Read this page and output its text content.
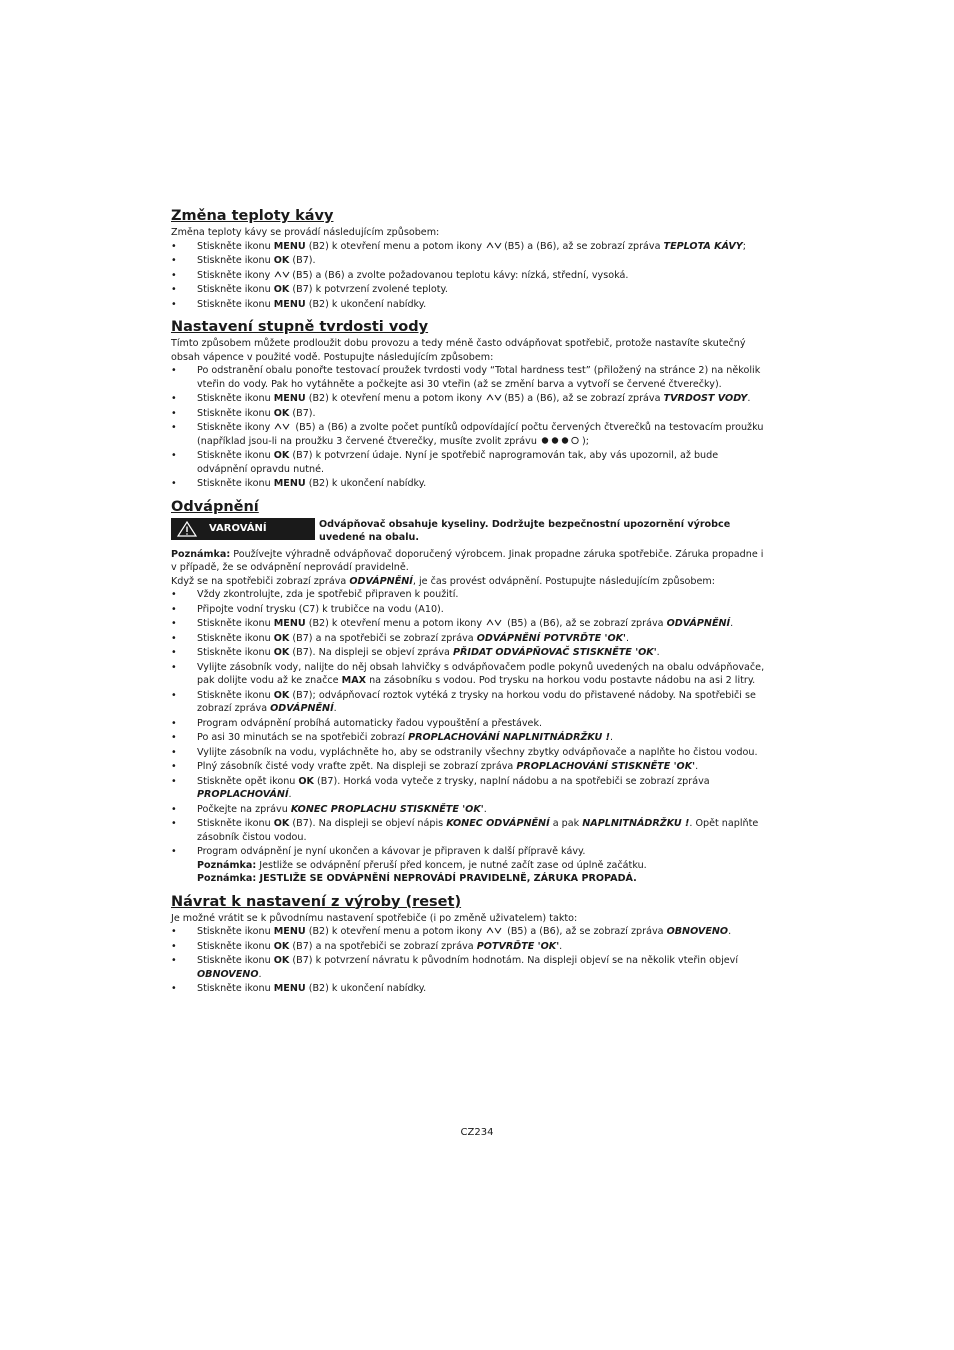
Změna teploty kávy

Změna teploty kávy se provádí následujícím způsobem:

• Stiskněte ikonu MENU (B2) k otevření menu a potom ikony (B5) a (B6), až se zobrazí zpráva TEPLOTA KÁVY;
• Stiskněte ikonu OK (B7).
• Stiskněte ikony (B5) a (B6) a zvolte požadovanou teplotu kávy: nízká, střední, vysoká.
• Stiskněte ikonu OK (B7) k potvrzení zvolené teploty.
• Stiskněte ikonu MENU (B2) k ukončení nabídky.
Nastavení stupně tvrdosti vody

Tímto způsobem můžete prodloužit dobu provozu a tedy méně často odvápňovat spotřebič, protože nastavíte skutečný obsah vápence v použité vodě. Postupujte následujícím způsobem:

• Po odstranění obalu ponořte testovací proužek tvrdosti vody “Total hardness test” (přiložený na stránce 2) na několik vteřin do vody. Pak ho vytáhněte a počkejte asi 30 vteřin (až se změní barva a vytvoří se červené čtverečky).
• Stiskněte ikonu MENU (B2) k otevření menu a potom ikony (B5) a (B6), až se zobrazí zpráva TVRDOST VODY.
• Stiskněte ikonu OK (B7).
• Stiskněte ikony (B5) a (B6) a zvolte počet puntíků odpovídající počtu červených čtverečků na testovacím proužku (například jsou-li na proužku 3 červené čtverečky, musíte zvolit zprávu	);
• Stiskněte ikonu OK (B7) k potvrzení údaje. Nyní je spotřebič naprogramován tak, aby vás upozornil, až bude odvápnění opravdu nutné.
• Stiskněte ikonu MENU (B2) k ukončení nabídky.
Odvápnění
VAROVÁNÍ	Odvápňovač obsahuje kyseliny. Dodržujte bezpečnostní upozornění výrobce uvedené na obalu.

Poznámka: Používejte výhradně odvápňovač doporučený výrobcem. Jinak propadne záruka spotřebiče. Záruka propadne i v případě, že se odvápnění neprovádí pravidelně.

Když se na spotřebiči zobrazí zpráva ODVÁPNĚNÍ, je čas provést odvápnění. Postupujte následujícím způsobem:

• Vždy zkontrolujte, zda je spotřebič připraven k použití.
• Připojte vodní trysku (C7) k trubičce na vodu (A10).
• Stiskněte ikonu MENU (B2) k otevření menu a potom ikony (B5) a (B6), až se zobrazí zpráva ODVÁPNĚNÍ.
• Stiskněte ikonu OK (B7) a na spotřebiči se zobrazí zpráva ODVÁPNĚNÍ POTVRĎTE 'OK'.
• Stiskněte ikonu OK (B7). Na displeji se objeví zpráva PŘIDAT ODVÁPŇOVAČ STISKNĚTE 'OK'.
• Vylijte zásobník vody, nalijte do něj obsah lahvičky s odvápňovačem podle pokynů uvedených na obalu odvápňovače, pak dolijte vodu až ke značce MAX na zásobníku s vodou. Pod trysku na horkou vodu postavte nádobu na asi 2 litry.
• Stiskněte ikonu OK (B7); odvápňovací roztok vytéká z trysky na horkou vodu do přistavené nádoby. Na spotřebiči se zobrazí zpráva ODVÁPNĚNÍ.
• Program odvápnění probíhá automaticky řadou vypouštění a přestávek.
• Po asi 30 minutách se na spotřebiči zobrazí PROPLACHOVÁNÍ NAPLNITNÁDRŽKU !.
• Vylijte zásobník na vodu, vypláchněte ho, aby se odstranily všechny zbytky odvápňovače a naplňte ho čistou vodou.
• Plný zásobník čisté vody vraťte zpět. Na displeji se zobrazí zpráva PROPLACHOVÁNÍ STISKNĚTE 'OK'.
• Stiskněte opět ikonu OK (B7). Horká voda vyteče z trysky, naplní nádobu a na spotřebiči se zobrazí zpráva PROPLACHOVÁNÍ.
• Počkejte na zprávu KONEC PROPLACHU STISKNĚTE 'OK'.
• Stiskněte ikonu OK (B7). Na displeji se objeví nápis KONEC ODVÁPNĚNÍ a pak NAPLNITNÁDRŽKU !. Opět naplňte zásobník čistou vodou.
• Program odvápnění je nyní ukončen a kávovar je připraven k další přípravě kávy.
Poznámka: Jestliže se odvápnění přeruší před koncem, je nutné začít zase od úplně začátku.
Poznámka: JESTLIŽE SE ODVÁPNĚNÍ NEPROVÁDÍ PRAVIDELNĚ, ZÁRUKA PROPADÁ.
Návrat k nastavení z výroby (reset)

Je možné vrátit se k původnímu nastavení spotřebiče (i po změně uživatelem) takto:

• Stiskněte ikonu MENU (B2) k otevření menu a potom ikony (B5) a (B6), až se zobrazí zpráva OBNOVENO.
• Stiskněte ikonu OK (B7) a na spotřebiči se zobrazí zpráva POTVRĎTE 'OK'.
• Stiskněte ikonu OK (B7) k potvrzení návratu k původním hodnotám. Na displeji objeví se na několik vteřin objeví OBNOVENO.
• Stiskněte ikonu MENU (B2) k ukončení nabídky.
CZ234
